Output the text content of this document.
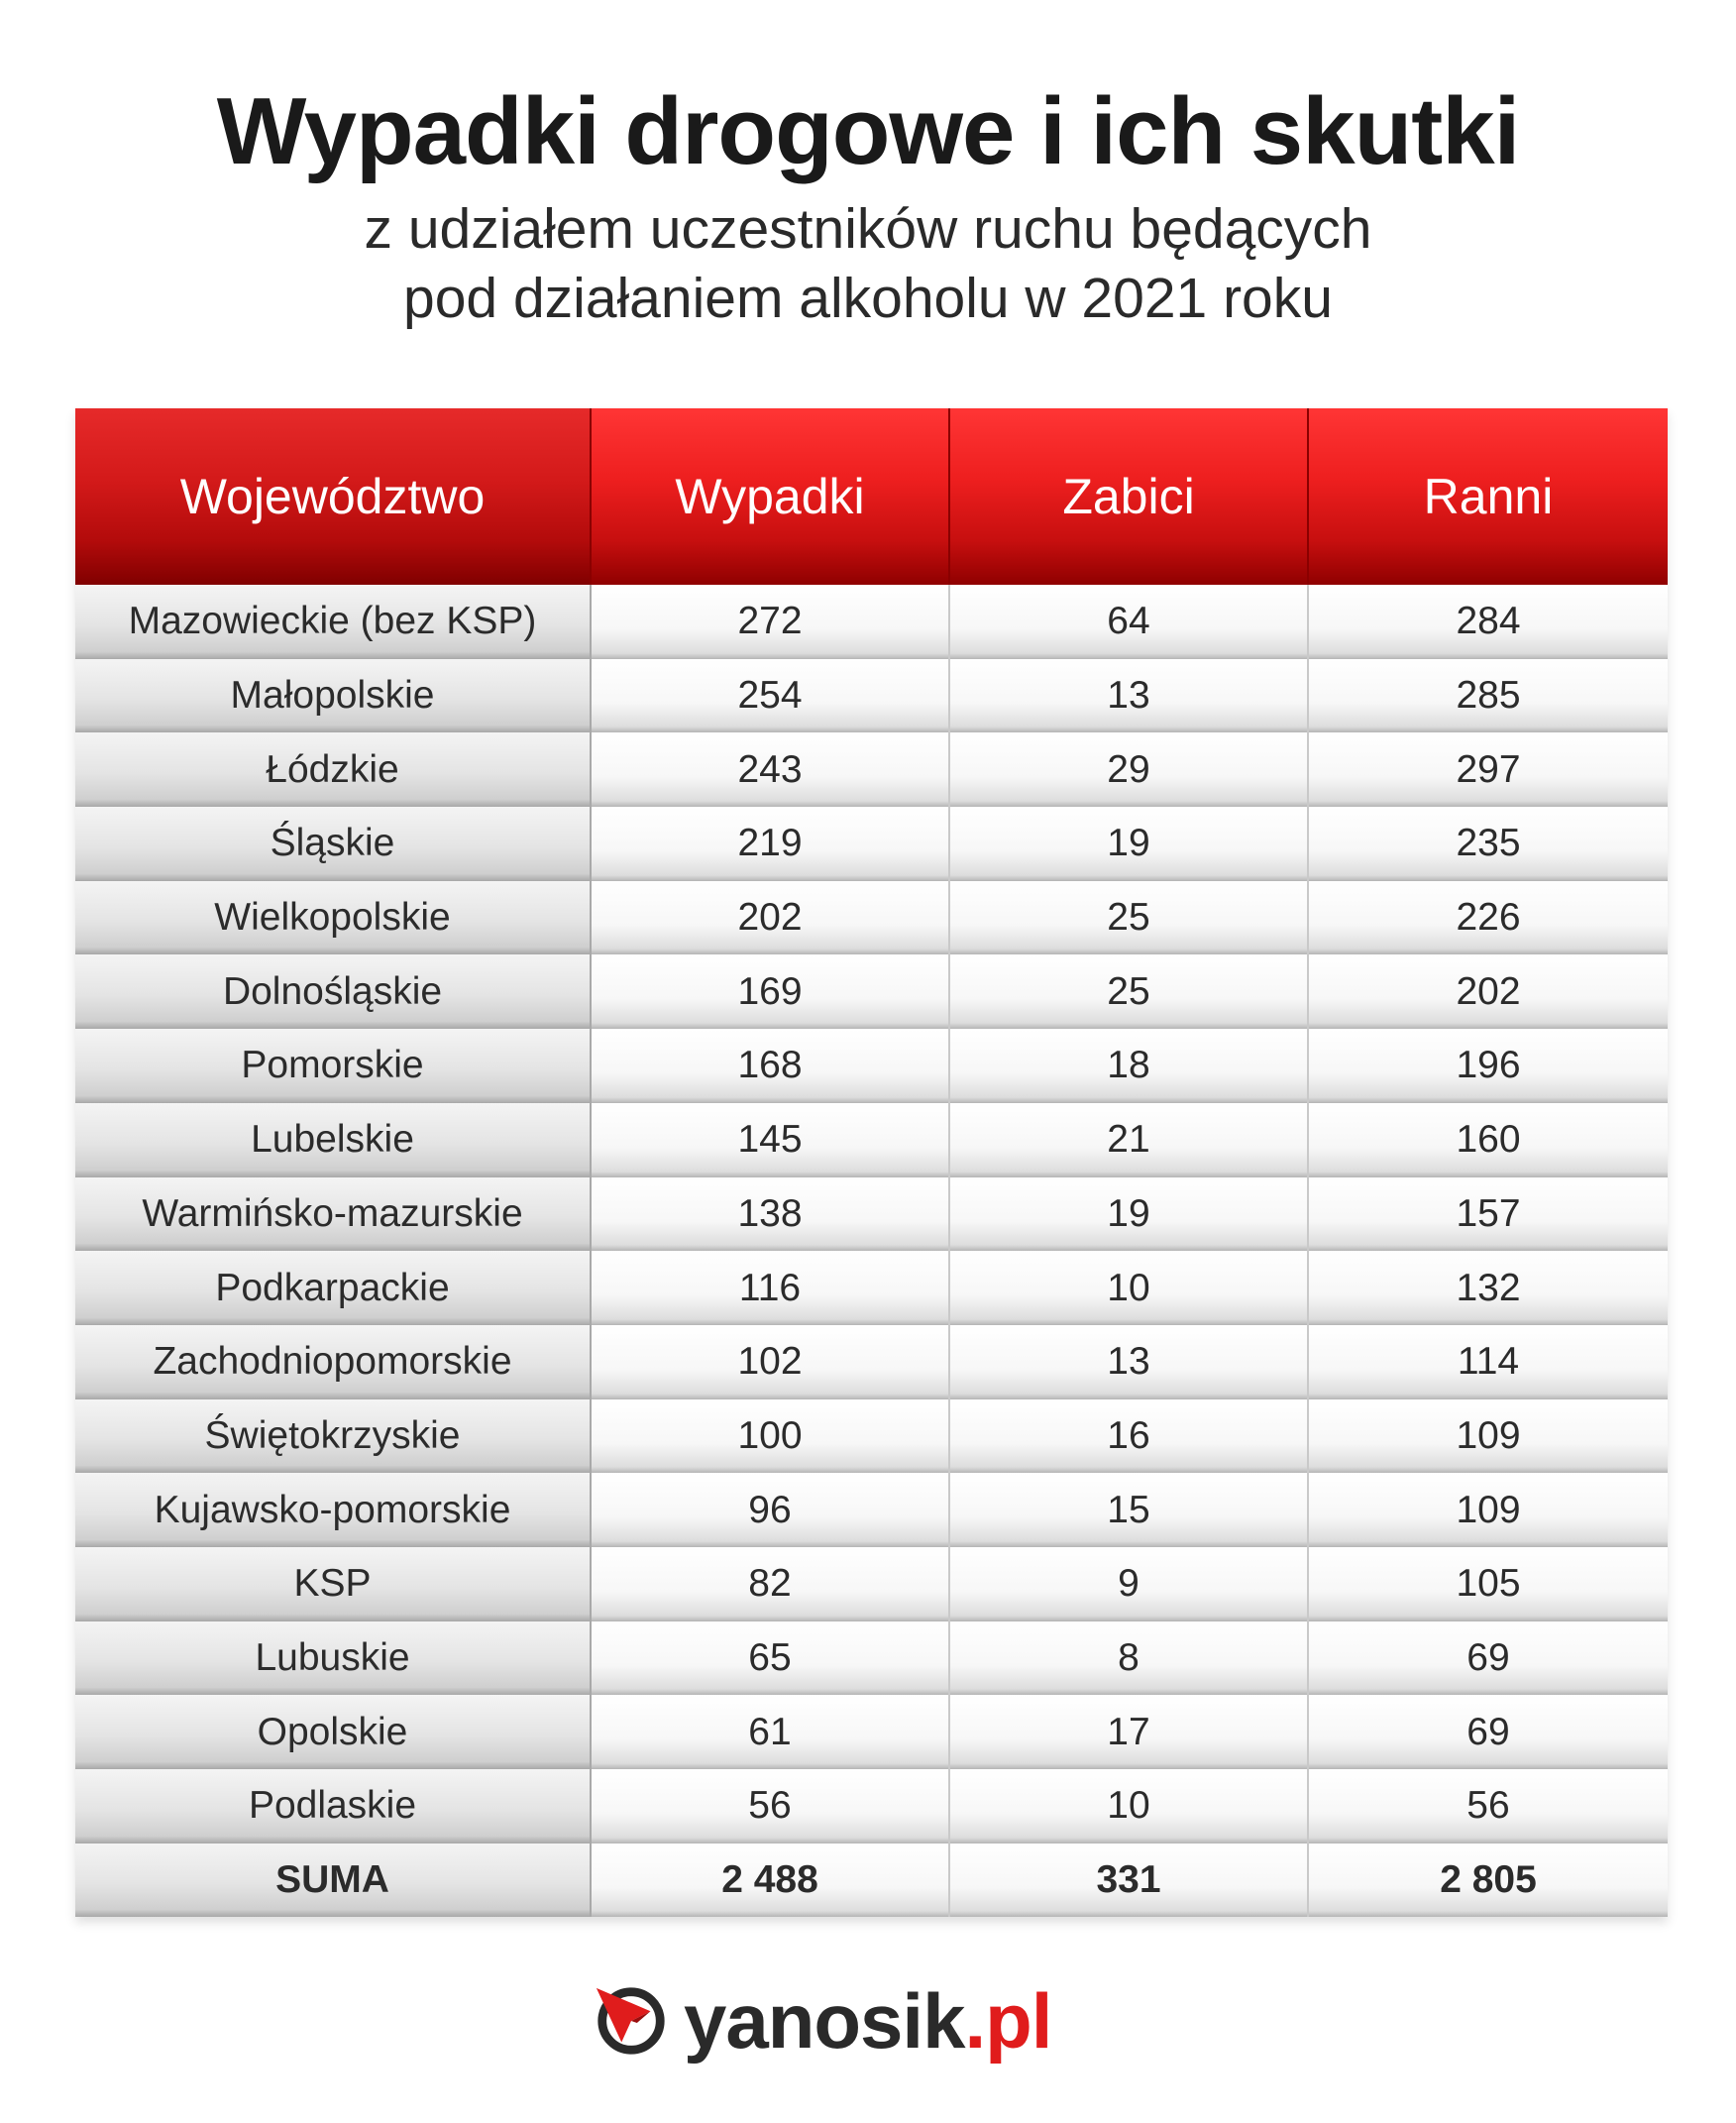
Wypadki drogowe i ich skutki
z udziałem uczestników ruchu będących
pod działaniem alkoholu w 2021 roku
Województwo	Wypadki	Zabici	Ranni
Mazowieckie (bez KSP)	272	64	284
Małopolskie	254	13	285
Łódzkie	243	29	297
Śląskie	219	19	235
Wielkopolskie	202	25	226
Dolnośląskie	169	25	202
Pomorskie	168	18	196
Lubelskie	145	21	160
Warmińsko-mazurskie	138	19	157
Podkarpackie	116	10	132
Zachodniopomorskie	102	13	114
Świętokrzyskie	100	16	109
Kujawsko-pomorskie	96	15	109
KSP	82	9	105
Lubuskie	65	8	69
Opolskie	61	17	69
Podlaskie	56	10	56
SUMA	2 488	331	2 805
yanosik.pl
